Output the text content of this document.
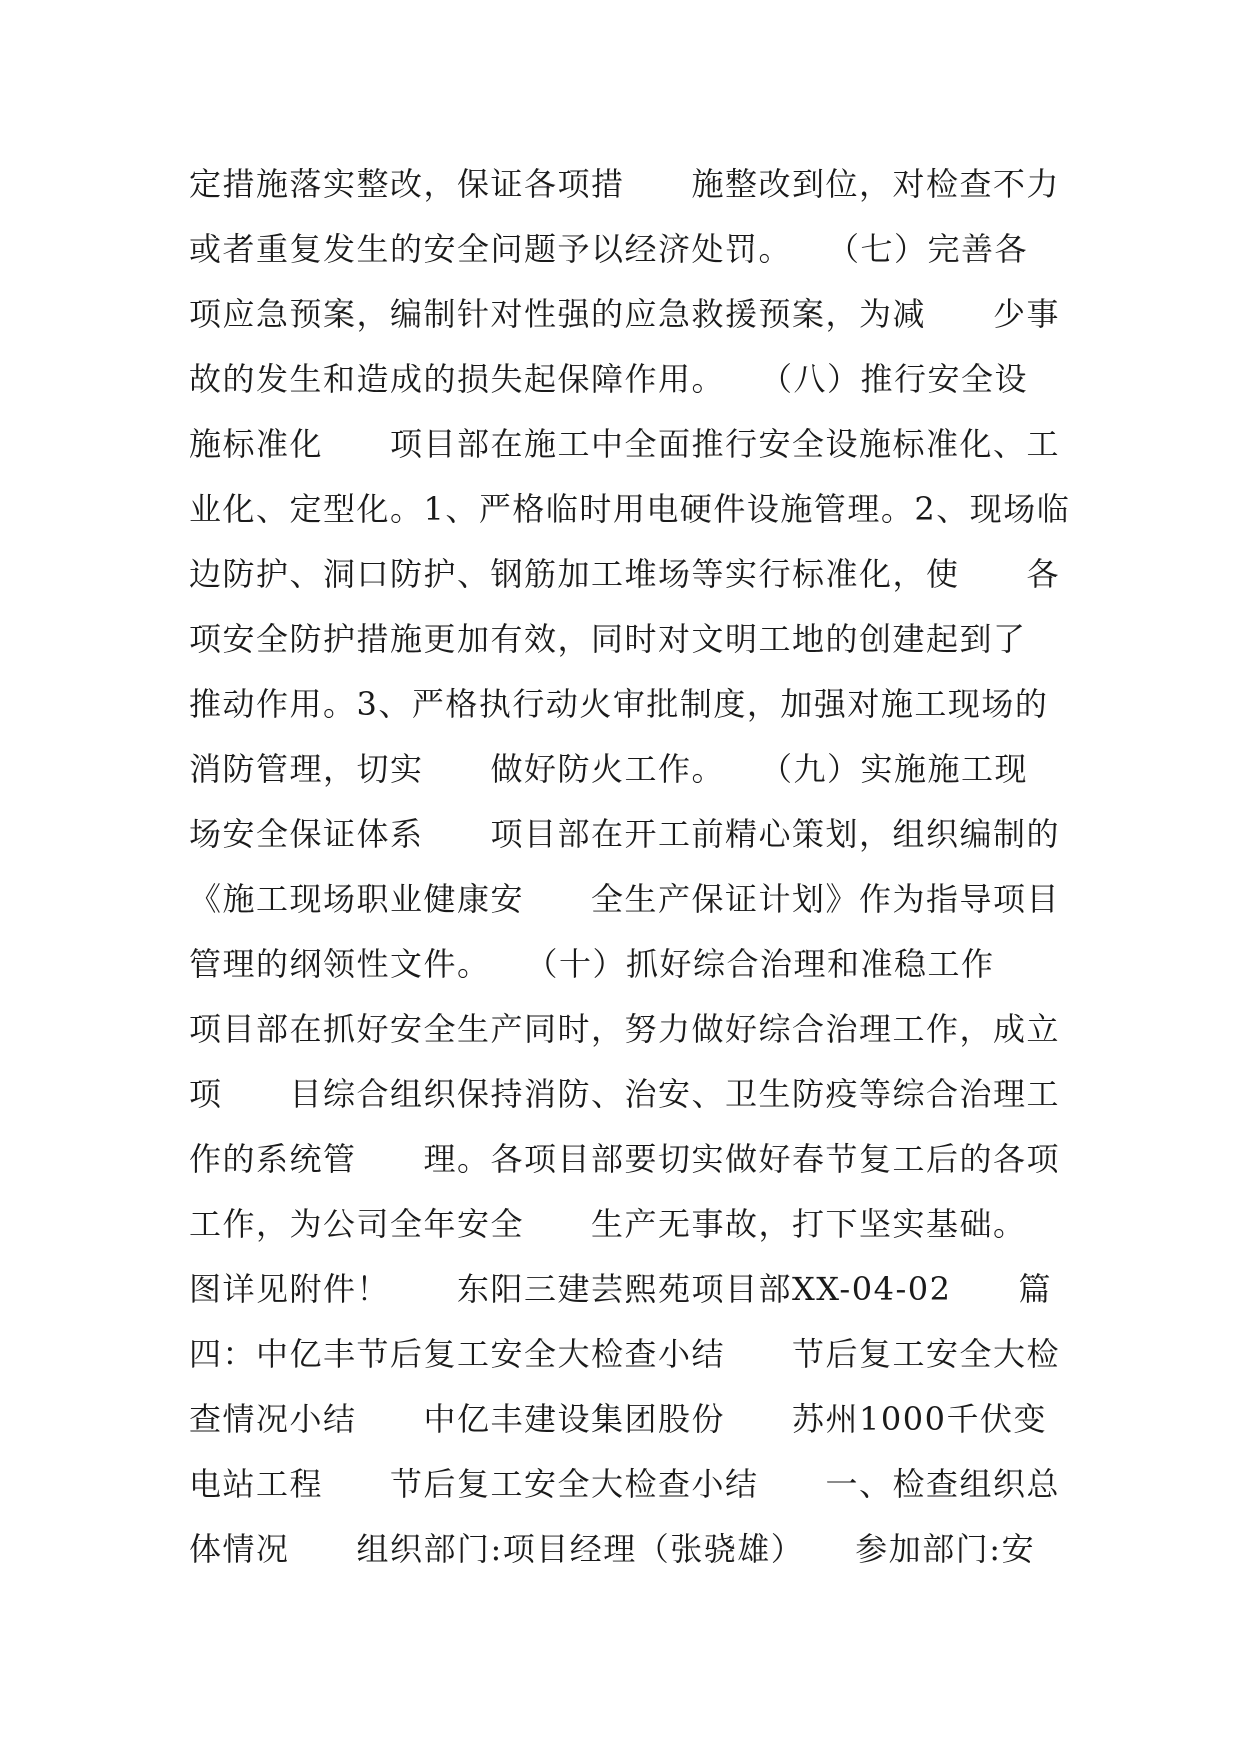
定措施落实整改，保证各项措　　施整改到位，对检查不力
或者重复发生的安全问题予以经济处罚。　　（七）完善各
项应急预案，编制针对性强的应急救援预案，为减　　少事
故的发生和造成的损失起保障作用。　　（八）推行安全设
施标准化　　项目部在施工中全面推行安全设施标准化、工
业化、定型化。1、严格临时用电硬件设施管理。2、现场临
边防护、洞口防护、钢筋加工堆场等实行标准化，使　　各
项安全防护措施更加有效，同时对文明工地的创建起到了
推动作用。3、严格执行动火审批制度，加强对施工现场的
消防管理，切实　　做好防火工作。　　（九）实施施工现
场安全保证体系　　项目部在开工前精心策划，组织编制的
《施工现场职业健康安　　全生产保证计划》作为指导项目
管理的纲领性文件。　　（十）抓好综合治理和准稳工作
项目部在抓好安全生产同时，努力做好综合治理工作，成立
项　　目综合组织保持消防、治安、卫生防疫等综合治理工
作的系统管　　理。各项目部要切实做好春节复工后的各项
工作，为公司全年安全　　生产无事故，打下坚实基础。
图详见附件！　　东阳三建芸熙苑项目部XX-04-02　　篇
四：中亿丰节后复工安全大检查小结　　节后复工安全大检
查情况小结　　中亿丰建设集团股份　　苏州1000千伏变
电站工程　　节后复工安全大检查小结　　一、检查组织总
体情况　　组织部门:项目经理（张骁雄）　　参加部门:安
